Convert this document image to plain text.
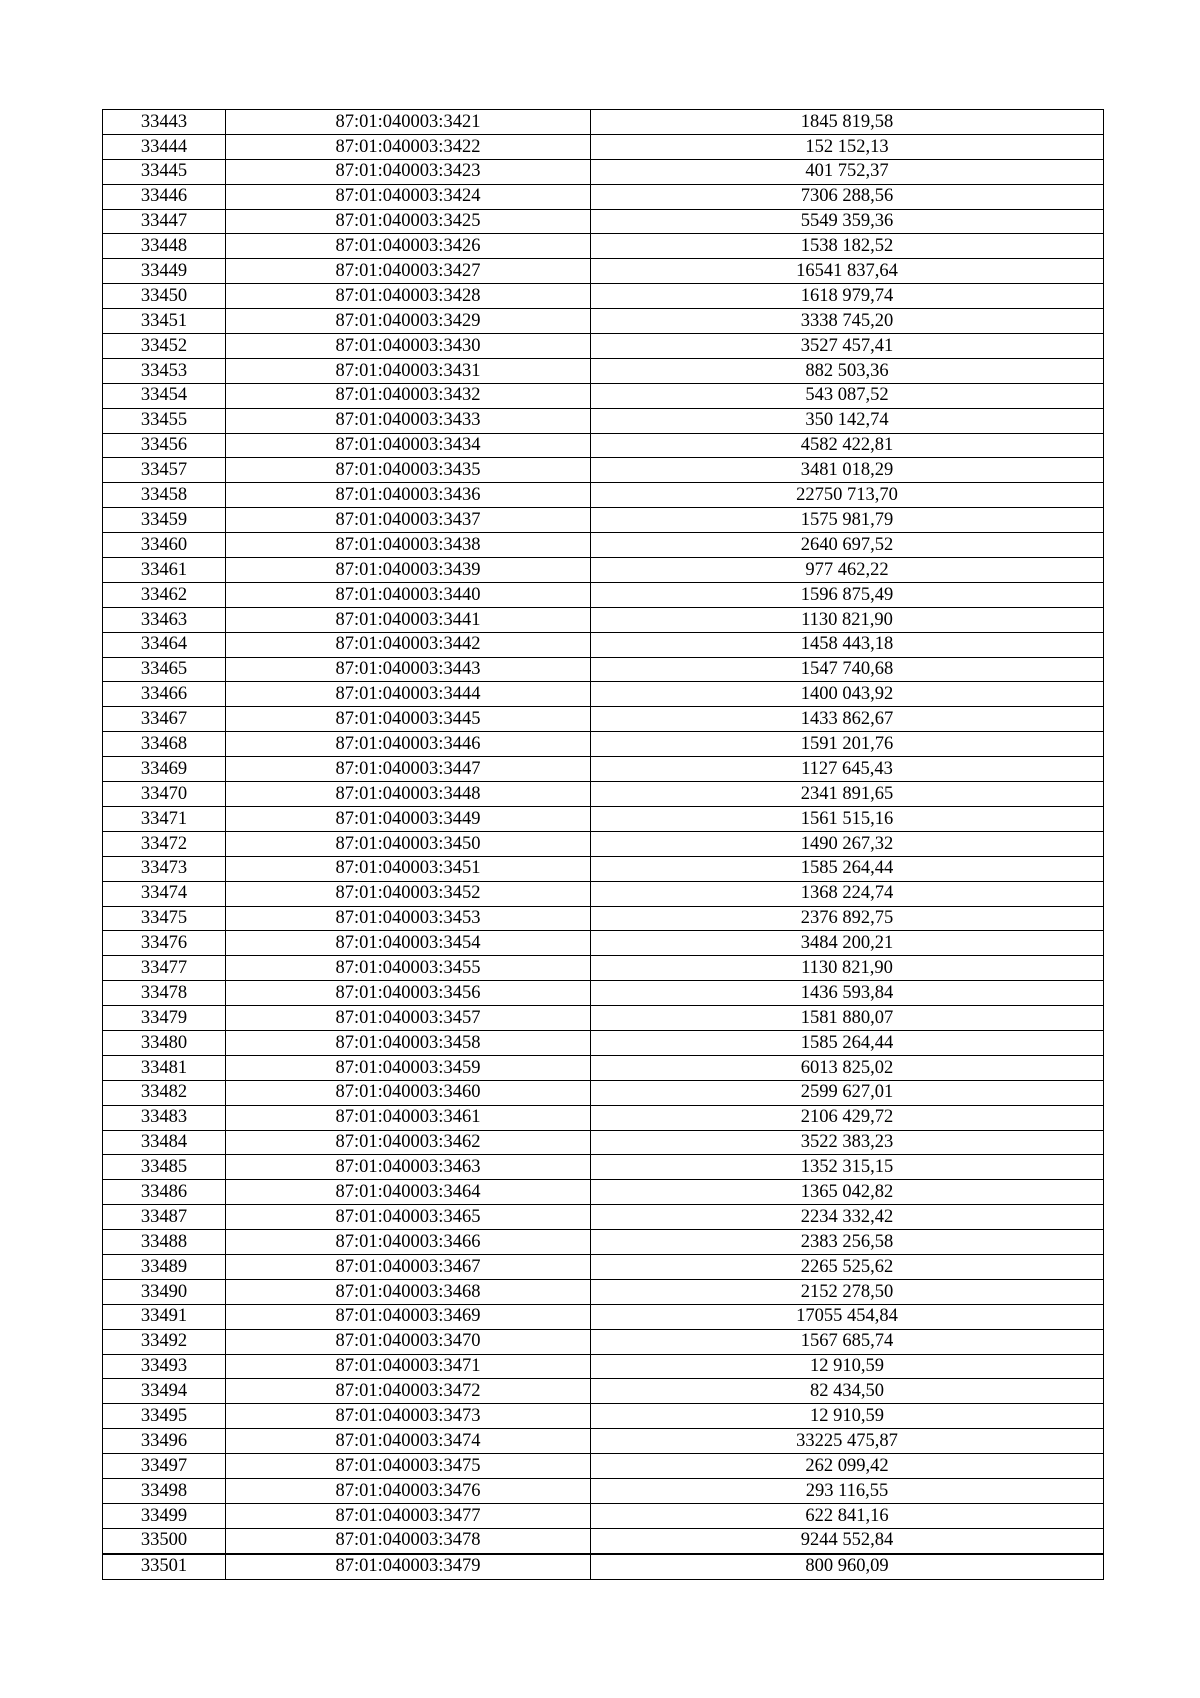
33443	87:01:040003:3421	1845 819,58
33444	87:01:040003:3422	152 152,13
33445	87:01:040003:3423	401 752,37
33446	87:01:040003:3424	7306 288,56
33447	87:01:040003:3425	5549 359,36
33448	87:01:040003:3426	1538 182,52
33449	87:01:040003:3427	16541 837,64
33450	87:01:040003:3428	1618 979,74
33451	87:01:040003:3429	3338 745,20
33452	87:01:040003:3430	3527 457,41
33453	87:01:040003:3431	882 503,36
33454	87:01:040003:3432	543 087,52
33455	87:01:040003:3433	350 142,74
33456	87:01:040003:3434	4582 422,81
33457	87:01:040003:3435	3481 018,29
33458	87:01:040003:3436	22750 713,70
33459	87:01:040003:3437	1575 981,79
33460	87:01:040003:3438	2640 697,52
33461	87:01:040003:3439	977 462,22
33462	87:01:040003:3440	1596 875,49
33463	87:01:040003:3441	1130 821,90
33464	87:01:040003:3442	1458 443,18
33465	87:01:040003:3443	1547 740,68
33466	87:01:040003:3444	1400 043,92
33467	87:01:040003:3445	1433 862,67
33468	87:01:040003:3446	1591 201,76
33469	87:01:040003:3447	1127 645,43
33470	87:01:040003:3448	2341 891,65
33471	87:01:040003:3449	1561 515,16
33472	87:01:040003:3450	1490 267,32
33473	87:01:040003:3451	1585 264,44
33474	87:01:040003:3452	1368 224,74
33475	87:01:040003:3453	2376 892,75
33476	87:01:040003:3454	3484 200,21
33477	87:01:040003:3455	1130 821,90
33478	87:01:040003:3456	1436 593,84
33479	87:01:040003:3457	1581 880,07
33480	87:01:040003:3458	1585 264,44
33481	87:01:040003:3459	6013 825,02
33482	87:01:040003:3460	2599 627,01
33483	87:01:040003:3461	2106 429,72
33484	87:01:040003:3462	3522 383,23
33485	87:01:040003:3463	1352 315,15
33486	87:01:040003:3464	1365 042,82
33487	87:01:040003:3465	2234 332,42
33488	87:01:040003:3466	2383 256,58
33489	87:01:040003:3467	2265 525,62
33490	87:01:040003:3468	2152 278,50
33491	87:01:040003:3469	17055 454,84
33492	87:01:040003:3470	1567 685,74
33493	87:01:040003:3471	12 910,59
33494	87:01:040003:3472	82 434,50
33495	87:01:040003:3473	12 910,59
33496	87:01:040003:3474	33225 475,87
33497	87:01:040003:3475	262 099,42
33498	87:01:040003:3476	293 116,55
33499	87:01:040003:3477	622 841,16
33500	87:01:040003:3478	9244 552,84
33501	87:01:040003:3479	800 960,09
